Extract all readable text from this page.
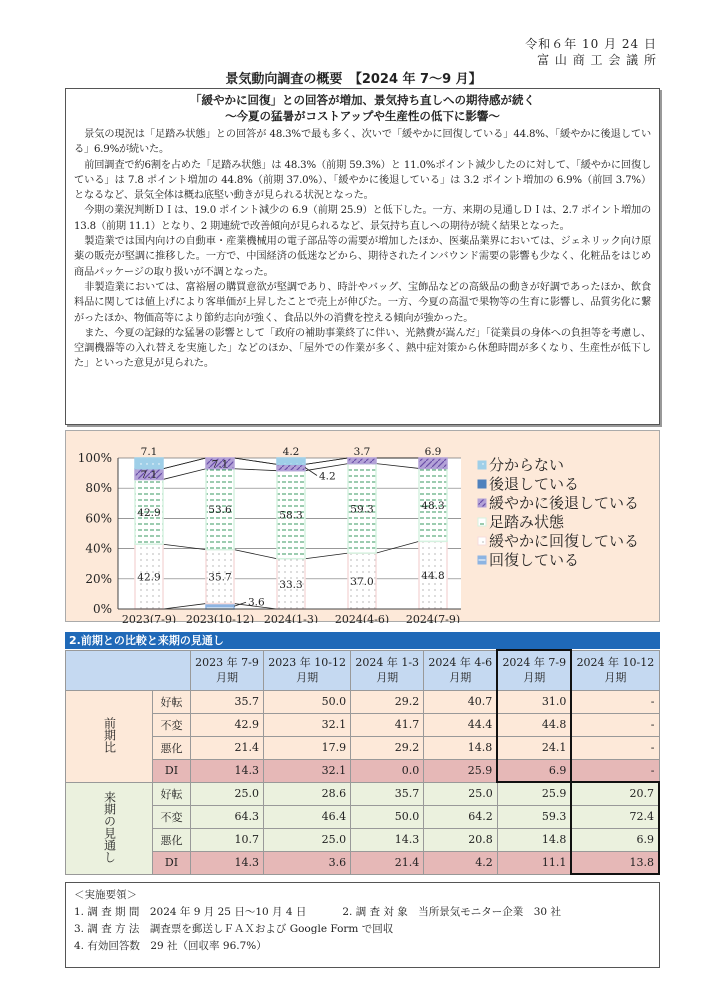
令和６年 10 月 24 日
富 山 商 工 会 議 所
景気動向調査の概要　【2024 年 7～9 月】
「緩やかに回復」との回答が増加、景気持ち直しへの期待感が続く
～今夏の猛暑がコストアップや生産性の低下に影響～

景気の現況は「足踏み状態」との回答が 48.3%で最も多く、次いで「緩やかに回復している」44.8%、「緩やかに後退している」6.9%が続いた。

前回調査で約6割を占めた「足踏み状態」は 48.3%（前期 59.3%）と 11.0%ポイント減少したのに対して、「緩やかに回復している」は 7.8 ポイント増加の 44.8%（前期 37.0%）、「緩やかに後退している」は 3.2 ポイント増加の 6.9%（前回 3.7%）となるなど、景気全体は概ね底堅い動きが見られる状況となった。

今期の業況判断ＤＩは、19.0 ポイント減少の 6.9（前期 25.9）と低下した。一方、来期の見通しＤＩは、2.7 ポイント増加の 13.8（前期 11.1）となり、2 期連続で改善傾向が見られるなど、景気持ち直しへの期待が続く結果となった。

製造業では国内向けの自動車・産業機械用の電子部品等の需要が増加したほか、医薬品業界においては、ジェネリック向け原薬の販売が堅調に推移した。一方で、中国経済の低迷などから、期待されたインバウンド需要の影響も少なく、化粧品をはじめ商品パッケージの取り扱いが不調となった。

非製造業においては、富裕層の購買意欲が堅調であり、時計やバッグ、宝飾品などの高級品の動きが好調であったほか、飲食料品に関しては値上げにより客単価が上昇したことで売上が伸びた。一方、今夏の高温で果物等の生育に影響し、品質劣化に繋がったほか、物価高等により節約志向が強く、食品以外の消費を控える傾向が強かった。

また、今夏の記録的な猛暑の影響として「政府の補助事業終了に伴い、光熱費が嵩んだ」「従業員の身体への負担等を考慮し、空調機器等の入れ替えを実施した」などのほか、「屋外での作業が多く、熱中症対策から休憩時間が多くなり、生産性が低下した」といった意見が見られた。

0%
20%
40%
60%
80%
100%
42.9
42.9
7.1
7.1
2023(7-9)
3.6
35.7
53.6
7.1
2023(10-12)
33.3
58.3
4.2
4.2
2024(1-3)
37.0
59.3
3.7
2024(4-6)
44.8
48.3
6.9
2024(7-9)
分からない
後退している
緩やかに後退している
足踏み状態
緩やかに回復している
回復している
2.前期との比較と来期の見通し
		2023 年 7-9
月期	2023 年 10-12
月期	2024 年 1-3
月期	2024 年 4-6
月期	2024 年 7-9
月期	2024 年 10-12
月期
前期比	好転	35.7	50.0	29.2	40.7	31.0	-
	不変	42.9	32.1	41.7	44.4	44.8	-
	悪化	21.4	17.9	29.2	14.8	24.1	-
	DI	14.3	32.1	0.0	25.9	6.9	-
来期の見通し	好転	25.0	28.6	35.7	25.0	25.9	20.7
	不変	64.3	46.4	50.0	64.2	59.3	72.4
	悪化	10.7	25.0	14.3	20.8	14.8	6.9
	DI	14.3	3.6	21.4	4.2	11.1	13.8
＜実施要領＞
1. 調 査 期 間　2024 年 9 月 25 日～10 月 4 日	2. 調 査 対 象　当所景気モニター企業　30 社
3. 調 査 方 法　調査票を郵送しＦＡＸおよび Google Form で回収
4. 有効回答数　29 社（回収率 96.7%）
